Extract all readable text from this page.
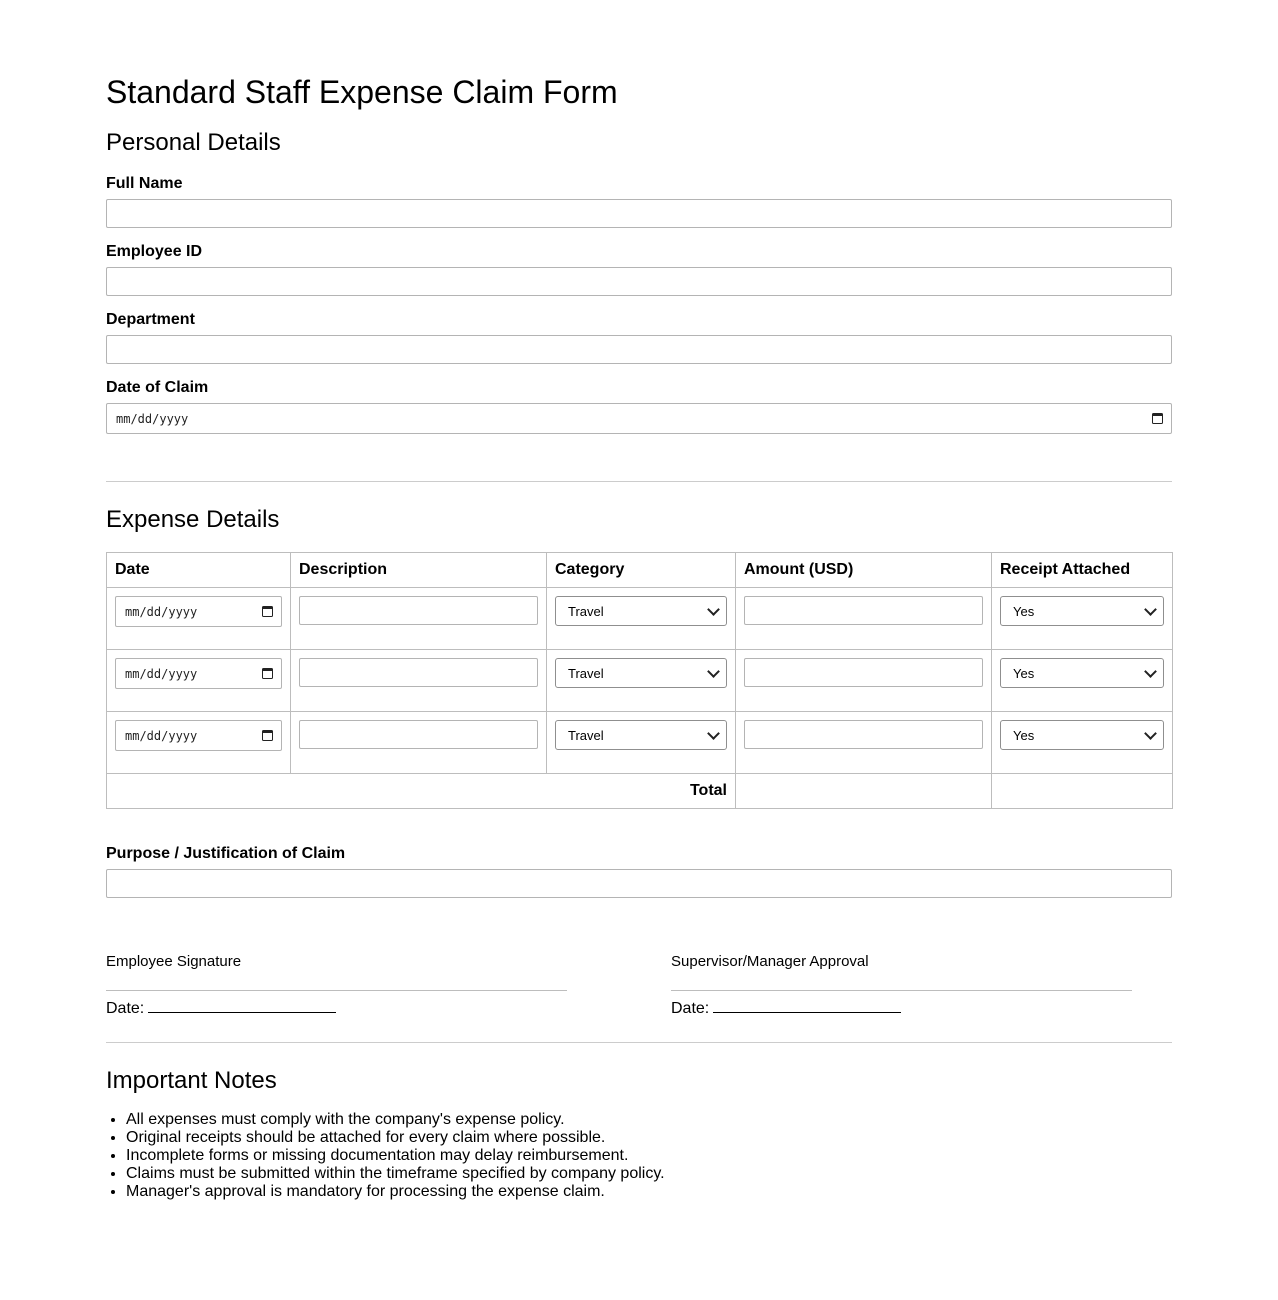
Standard Staff Expense Claim Form
Personal Details
Full Name
Employee ID
Department
Date of Claim
mm/dd/yyyy
Expense Details
Date	Description	Category	Amount (USD)	Receipt Attached

mm/dd/yyyy		Travel		Yes

mm/dd/yyyy		Travel		Yes

mm/dd/yyyy		Travel		Yes

Total				
Purpose / Justification of Claim
Employee Signature
Date:
Supervisor/Manager Approval
Date:
Important Notes
• All expenses must comply with the company's expense policy.
• Original receipts should be attached for every claim where possible.
• Incomplete forms or missing documentation may delay reimbursement.
• Claims must be submitted within the timeframe specified by company policy.
• Manager's approval is mandatory for processing the expense claim.
